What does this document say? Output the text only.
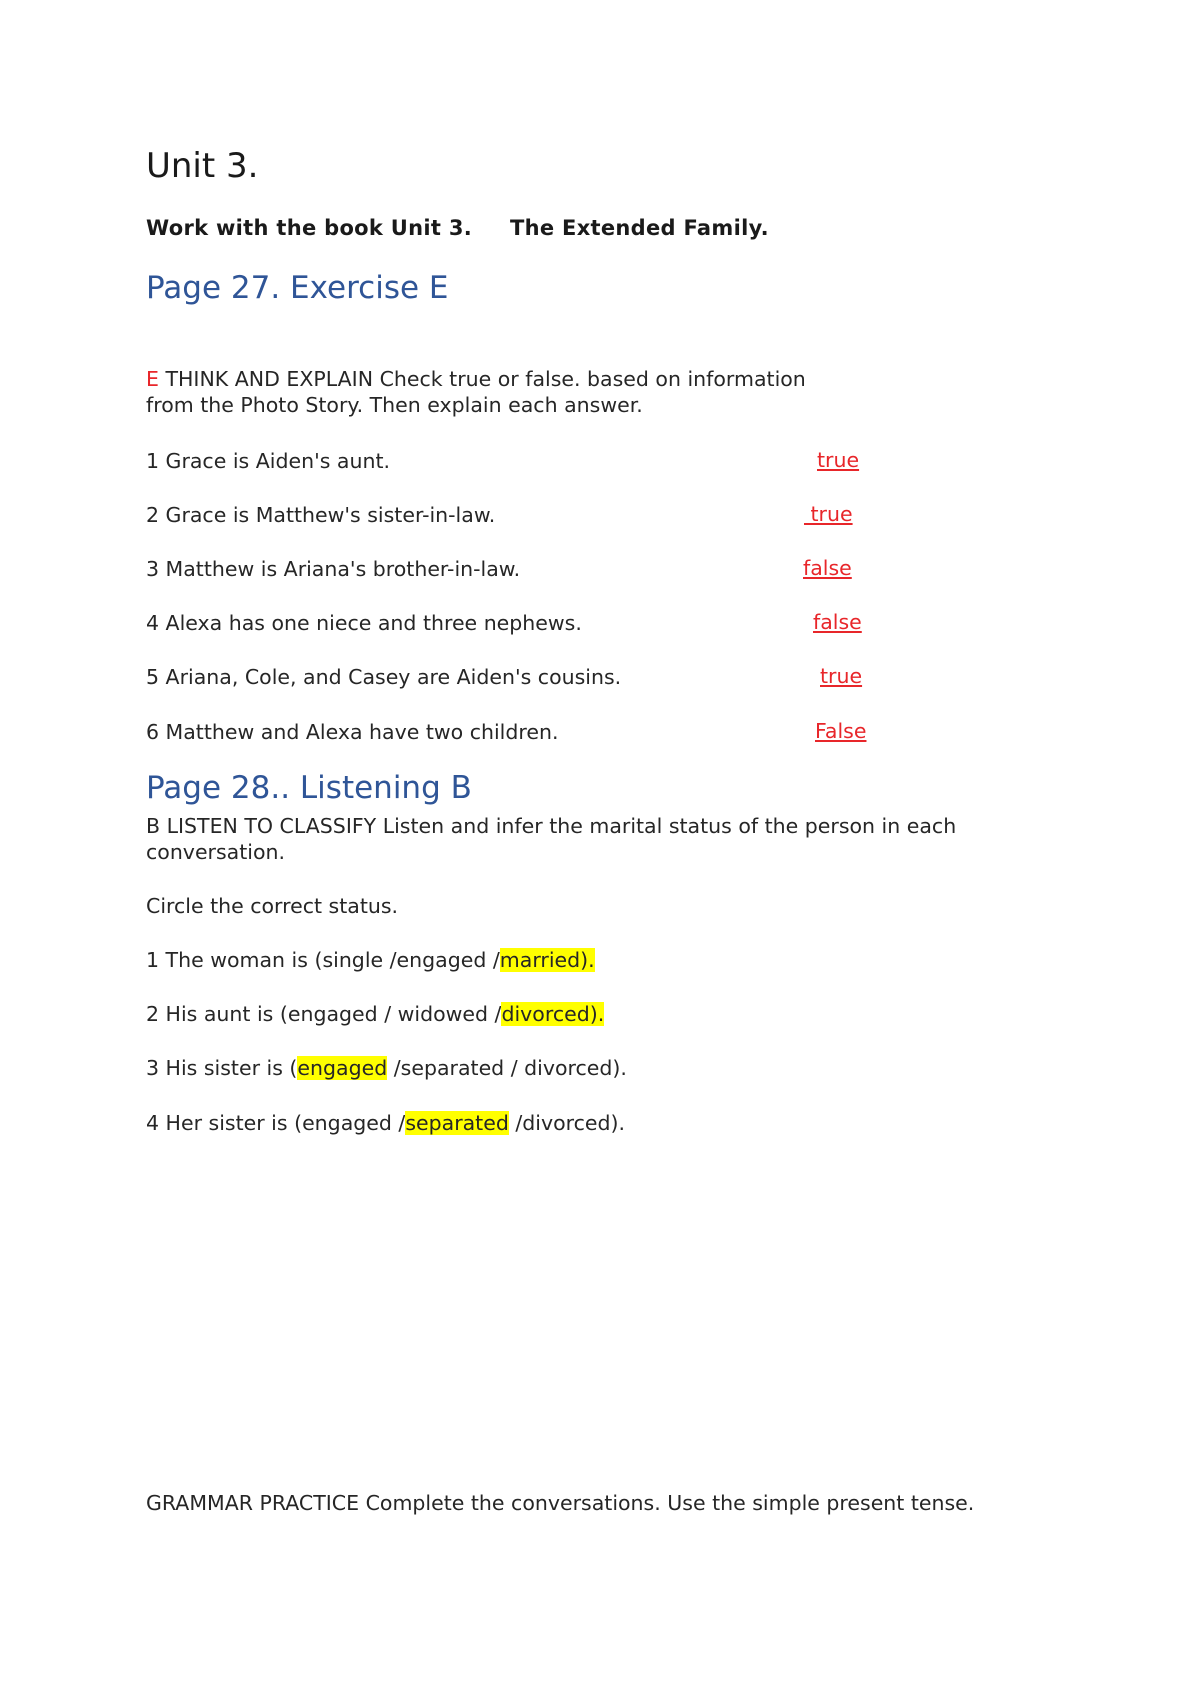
Unit 3.
Work with the book Unit 3. The Extended Family.
Page 27. Exercise E
E THINK AND EXPLAIN Check true or false. based on information
from the Photo Story. Then explain each answer.
1 Grace is Aiden's aunt.	true
2 Grace is Matthew's sister-in-law.	true
3 Matthew is Ariana's brother-in-law.	false
4 Alexa has one niece and three nephews.	false
5 Ariana, Cole, and Casey are Aiden's cousins.	true
6 Matthew and Alexa have two children.	False
Page 28.. Listening B
B LISTEN TO CLASSIFY Listen and infer the marital status of the person in each
conversation.
Circle the correct status.
1 The woman is (single /engaged /married).
2 His aunt is (engaged / widowed /divorced).
3 His sister is (engaged /separated / divorced).
4 Her sister is (engaged /separated /divorced).
GRAMMAR PRACTICE Complete the conversations. Use the simple present tense.
